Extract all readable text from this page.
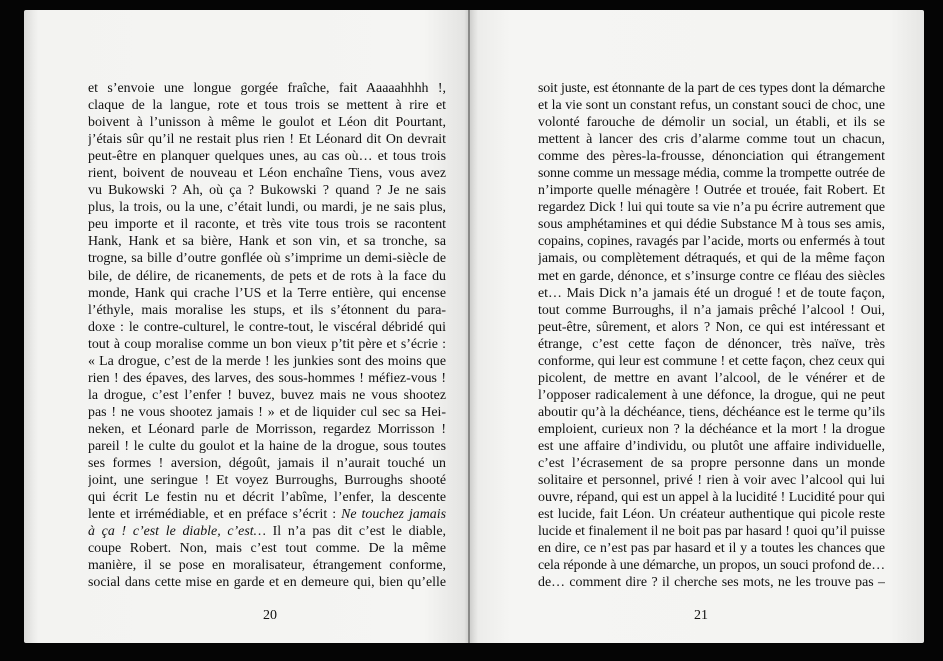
et s’envoie une longue gorgée fraîche, fait Aaaaahhhh !,
claque de la langue, rote et tous trois se mettent à rire et
boivent à l’unisson à même le goulot et Léon dit Pourtant,
j’étais sûr qu’il ne restait plus rien ! Et Léonard dit On devrait
peut-être en planquer quelques unes, au cas où… et tous trois
rient, boivent de nouveau et Léon enchaîne Tiens, vous avez
vu Bukowski ? Ah, où ça ? Bukowski ? quand ? Je ne sais
plus, la trois, ou la une, c’était lundi, ou mardi, je ne sais plus,
peu importe et il raconte, et très vite tous trois se racontent
Hank, Hank et sa bière, Hank et son vin, et sa tronche, sa
trogne, sa bille d’outre gonflée où s’imprime un demi-siècle de
bile, de délire, de ricanements, de pets et de rots à la face du
monde, Hank qui crache l’US et la Terre entière, qui encense
l’éthyle, mais moralise les stups, et ils s’étonnent du para-
doxe : le contre-culturel, le contre-tout, le viscéral débridé qui
tout à coup moralise comme un bon vieux p’tit père et s’écrie :
« La drogue, c’est de la merde ! les junkies sont des moins que
rien ! des épaves, des larves, des sous-hommes ! méfiez-vous !
la drogue, c’est l’enfer ! buvez, buvez mais ne vous shootez
pas ! ne vous shootez jamais ! » et de liquider cul sec sa Hei-
neken, et Léonard parle de Morrisson, regardez Morrisson !
pareil ! le culte du goulot et la haine de la drogue, sous toutes
ses formes ! aversion, dégoût, jamais il n’aurait touché un
joint, une seringue ! Et voyez Burroughs, Burroughs shooté
qui écrit Le festin nu et décrit l’abîme, l’enfer, la descente
lente et irrémédiable, et en préface s’écrit : Ne touchez jamais
à ça ! c’est le diable, c’est… Il n’a pas dit c’est le diable,
coupe Robert. Non, mais c’est tout comme. De la même
manière, il se pose en moralisateur, étrangement conforme,
social dans cette mise en garde et en demeure qui, bien qu’elle
20
soit juste, est étonnante de la part de ces types dont la démarche
et la vie sont un constant refus, un constant souci de choc, une
volonté farouche de démolir un social, un établi, et ils se
mettent à lancer des cris d’alarme comme tout un chacun,
comme des pères-la-frousse, dénonciation qui étrangement
sonne comme un message média, comme la trompette outrée de
n’importe quelle ménagère ! Outrée et trouée, fait Robert. Et
regardez Dick ! lui qui toute sa vie n’a pu écrire autrement que
sous amphétamines et qui dédie Substance M à tous ses amis,
copains, copines, ravagés par l’acide, morts ou enfermés à tout
jamais, ou complètement détraqués, et qui de la même façon
met en garde, dénonce, et s’insurge contre ce fléau des siècles
et… Mais Dick n’a jamais été un drogué ! et de toute façon,
tout comme Burroughs, il n’a jamais prêché l’alcool ! Oui,
peut-être, sûrement, et alors ? Non, ce qui est intéressant et
étrange, c’est cette façon de dénoncer, très naïve, très
conforme, qui leur est commune ! et cette façon, chez ceux qui
picolent, de mettre en avant l’alcool, de le vénérer et de
l’opposer radicalement à une défonce, la drogue, qui ne peut
aboutir qu’à la déchéance, tiens, déchéance est le terme qu’ils
emploient, curieux non ? la déchéance et la mort ! la drogue
est une affaire d’individu, ou plutôt une affaire individuelle,
c’est l’écrasement de sa propre personne dans un monde
solitaire et personnel, privé ! rien à voir avec l’alcool qui lui
ouvre, répand, qui est un appel à la lucidité ! Lucidité pour qui
est lucide, fait Léon. Un créateur authentique qui picole reste
lucide et finalement il ne boit pas par hasard ! quoi qu’il puisse
en dire, ce n’est pas par hasard et il y a toutes les chances que
cela réponde à une démarche, un propos, un souci profond de…
de… comment dire ? il cherche ses mots, ne les trouve pas –
21
